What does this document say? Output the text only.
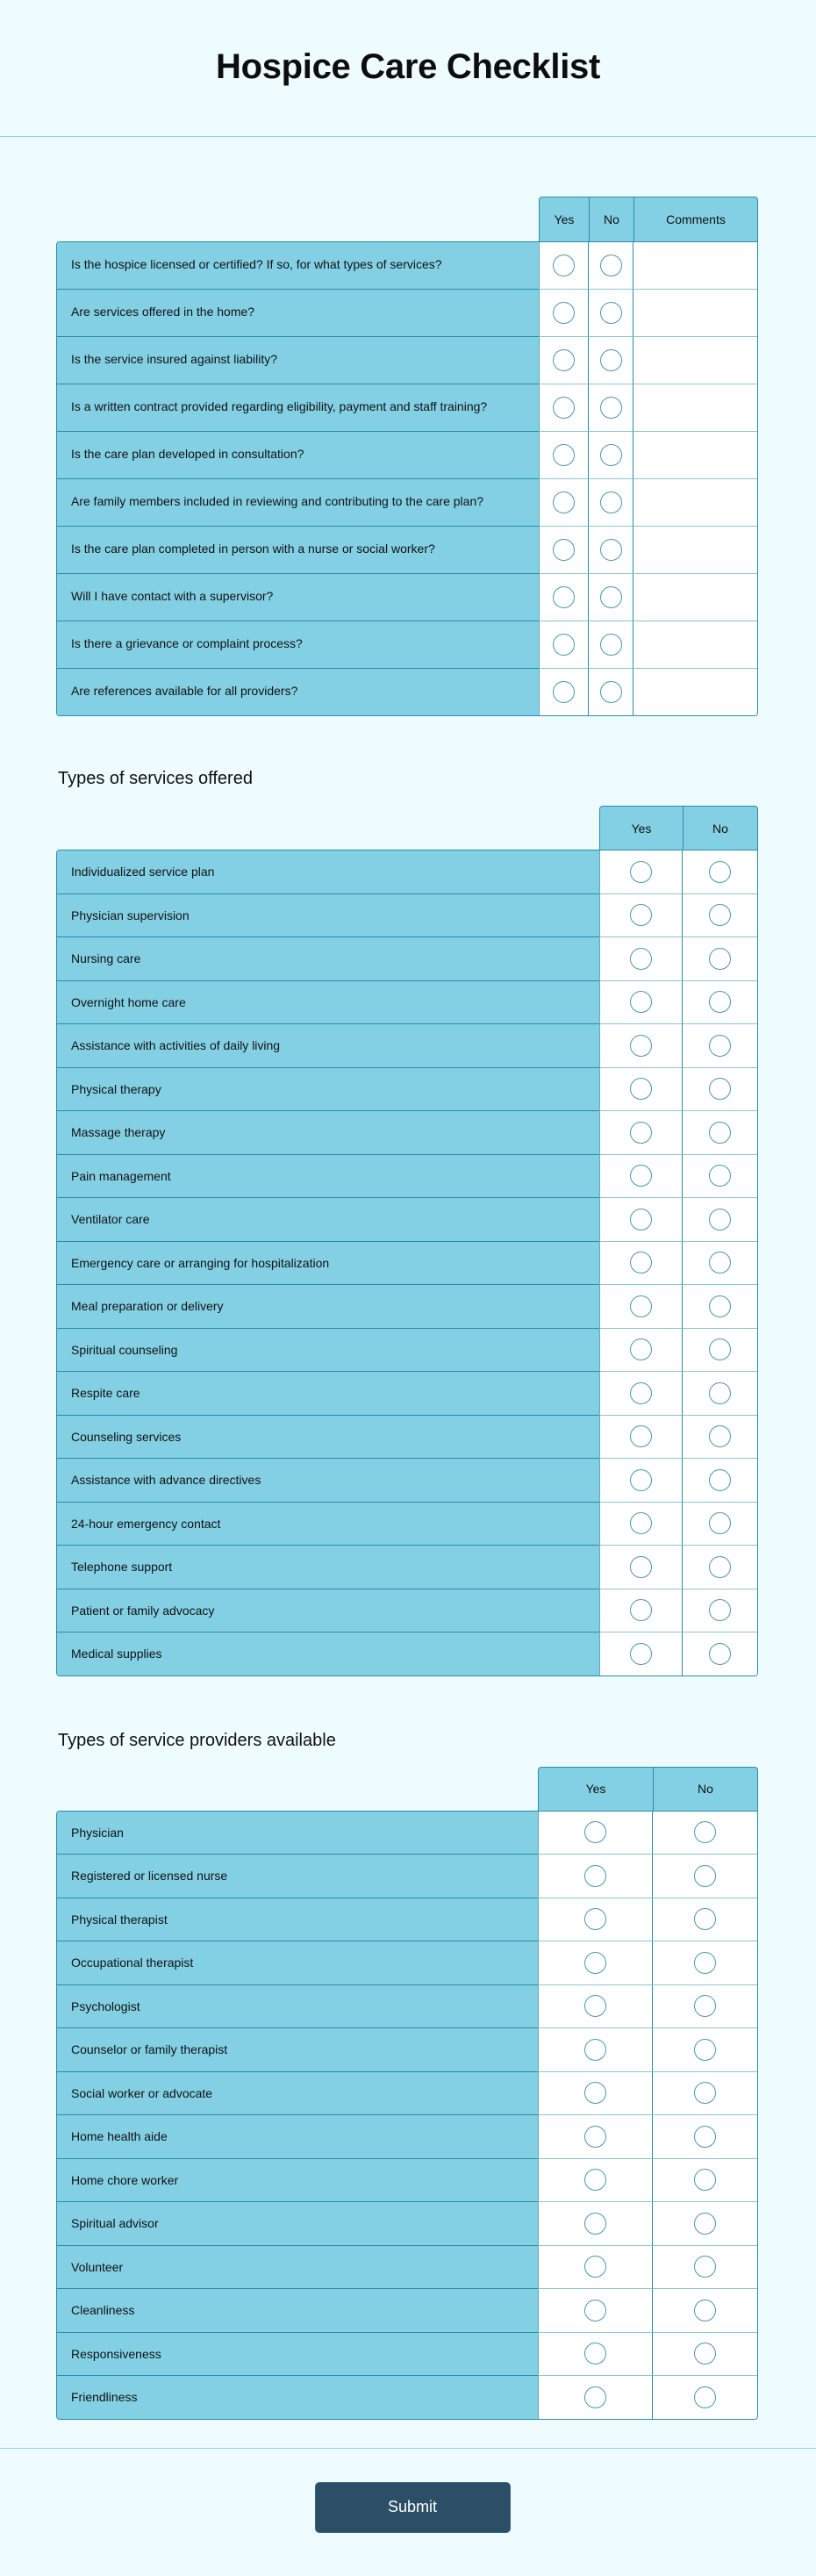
Hospice Care Checklist
Yes	No	Comments
Is the hospice licensed or certified? If so, for what types of services?
Are services offered in the home?
Is the service insured against liability?
Is a written contract provided regarding eligibility, payment and staff training?
Is the care plan developed in consultation?
Are family members included in reviewing and contributing to the care plan?
Is the care plan completed in person with a nurse or social worker?
Will I have contact with a supervisor?
Is there a grievance or complaint process?
Are references available for all providers?
Types of services offered
Yes	No
Individualized service plan
Physician supervision
Nursing care
Overnight home care
Assistance with activities of daily living
Physical therapy
Massage therapy
Pain management
Ventilator care
Emergency care or arranging for hospitalization
Meal preparation or delivery
Spiritual counseling
Respite care
Counseling services
Assistance with advance directives
24-hour emergency contact
Telephone support
Patient or family advocacy
Medical supplies
Types of service providers available
Yes	No
Physician
Registered or licensed nurse
Physical therapist
Occupational therapist
Psychologist
Counselor or family therapist
Social worker or advocate
Home health aide
Home chore worker
Spiritual advisor
Volunteer
Cleanliness
Responsiveness
Friendliness
Submit
